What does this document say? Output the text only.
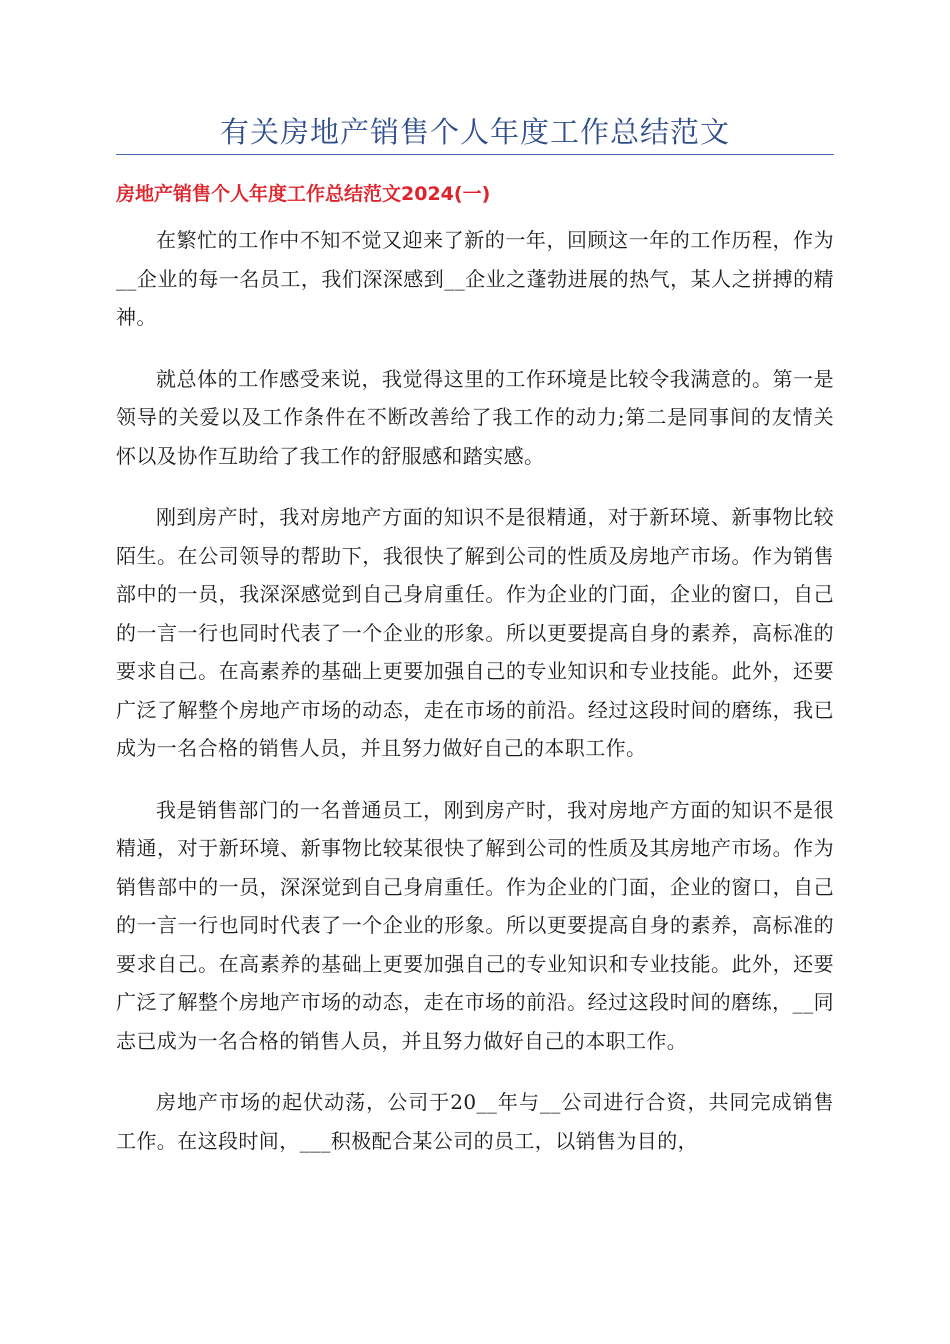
有关房地产销售个人年度工作总结范文
房地产销售个人年度工作总结范文2024(一)

在繁忙的工作中不知不觉又迎来了新的一年，回顾这一年的工作历程，作为__企业的每一名员工，我们深深感到__企业之蓬勃进展的热气，某人之拼搏的精神。

就总体的工作感受来说，我觉得这里的工作环境是比较令我满意的。第一是领导的关爱以及工作条件在不断改善给了我工作的动力;第二是同事间的友情关怀以及协作互助给了我工作的舒服感和踏实感。

刚到房产时，我对房地产方面的知识不是很精通，对于新环境、新事物比较陌生。在公司领导的帮助下，我很快了解到公司的性质及房地产市场。作为销售部中的一员，我深深感觉到自己身肩重任。作为企业的门面，企业的窗口，自己的一言一行也同时代表了一个企业的形象。所以更要提高自身的素养，高标准的要求自己。在高素养的基础上更要加强自己的专业知识和专业技能。此外，还要广泛了解整个房地产市场的动态，走在市场的前沿。经过这段时间的磨练，我已成为一名合格的销售人员，并且努力做好自己的本职工作。

我是销售部门的一名普通员工，刚到房产时，我对房地产方面的知识不是很精通，对于新环境、新事物比较某很快了解到公司的性质及其房地产市场。作为销售部中的一员，深深觉到自己身肩重任。作为企业的门面，企业的窗口，自己的一言一行也同时代表了一个企业的形象。所以更要提高自身的素养，高标准的要求自己。在高素养的基础上更要加强自己的专业知识和专业技能。此外，还要广泛了解整个房地产市场的动态，走在市场的前沿。经过这段时间的磨练，__同志已成为一名合格的销售人员，并且努力做好自己的本职工作。

房地产市场的起伏动荡，公司于20__年与__公司进行合资，共同完成销售工作。在这段时间，___积极配合某公司的员工，以销售为目的，
